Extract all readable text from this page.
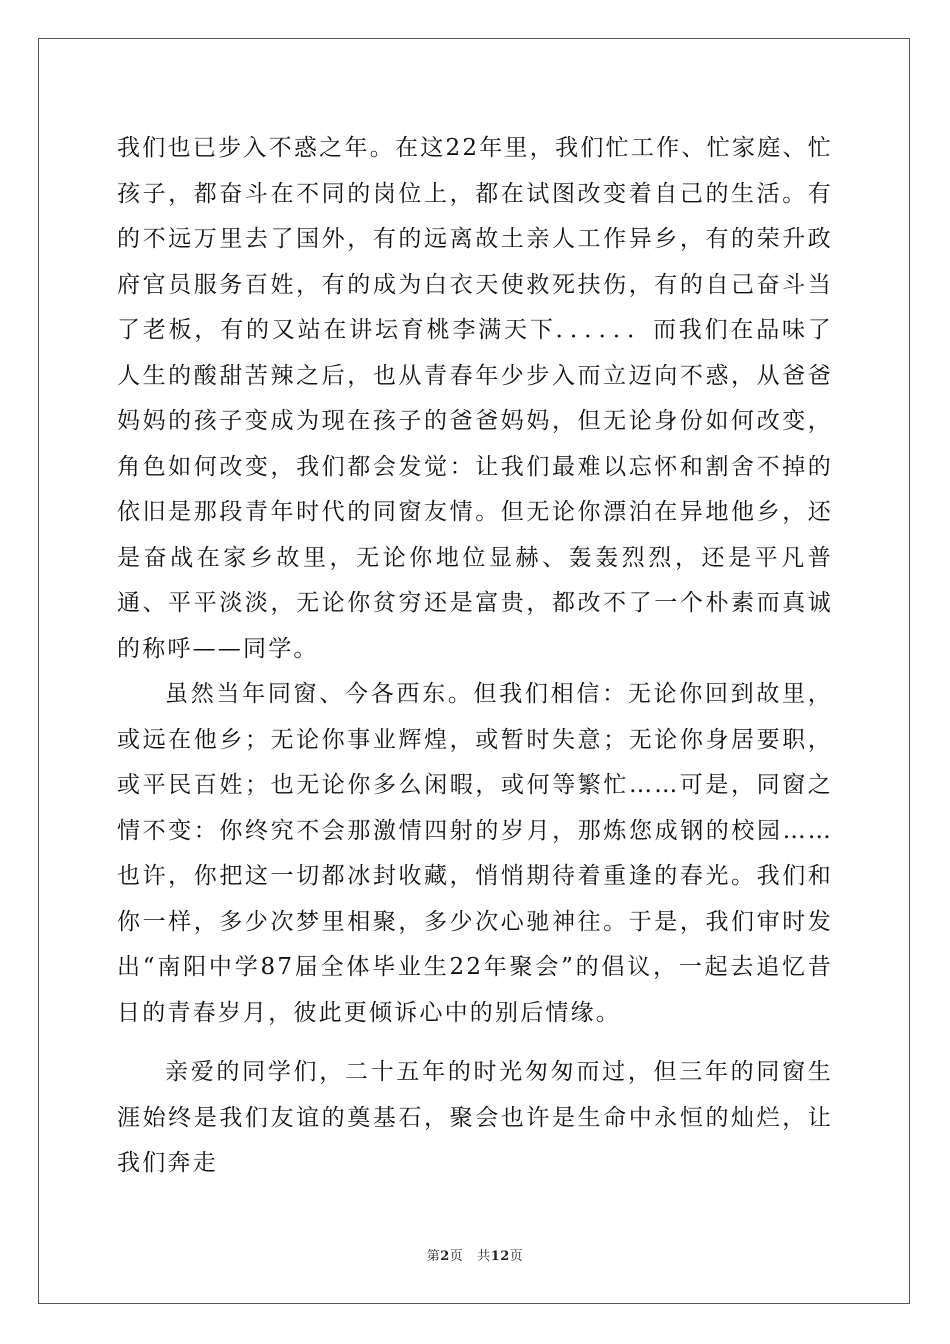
我们也已步入不惑之年。在这22年里，我们忙工作、忙家庭、忙孩子，都奋斗在不同的岗位上，都在试图改变着自己的生活。有的不远万里去了国外，有的远离故土亲人工作异乡，有的荣升政府官员服务百姓，有的成为白衣天使救死扶伤，有的自己奋斗当了老板，有的又站在讲坛育桃李满天下．．．．．．而我们在品味了人生的酸甜苦辣之后，也从青春年少步入而立迈向不惑，从爸爸妈妈的孩子变成为现在孩子的爸爸妈妈，但无论身份如何改变，角色如何改变，我们都会发觉：让我们最难以忘怀和割舍不掉的依旧是那段青年时代的同窗友情。但无论你漂泊在异地他乡，还是奋战在家乡故里，无论你地位显赫、轰轰烈烈，还是平凡普通、平平淡淡，无论你贫穷还是富贵，都改不了一个朴素而真诚的称呼——同学。

虽然当年同窗、今各西东。但我们相信：无论你回到故里，或远在他乡；无论你事业辉煌，或暂时失意；无论你身居要职，或平民百姓；也无论你多么闲暇，或何等繁忙……可是，同窗之情不变：你终究不会那激情四射的岁月，那炼您成钢的校园……也许，你把这一切都冰封收藏，悄悄期待着重逢的春光。我们和你一样，多少次梦里相聚，多少次心驰神往。于是，我们审时发出“南阳中学87届全体毕业生22年聚会”的倡议，一起去追忆昔日的青春岁月，彼此更倾诉心中的别后情缘。

亲爱的同学们，二十五年的时光匆匆而过，但三年的同窗生涯始终是我们友谊的奠基石，聚会也许是生命中永恒的灿烂，让我们奔走

第2页 共12页
